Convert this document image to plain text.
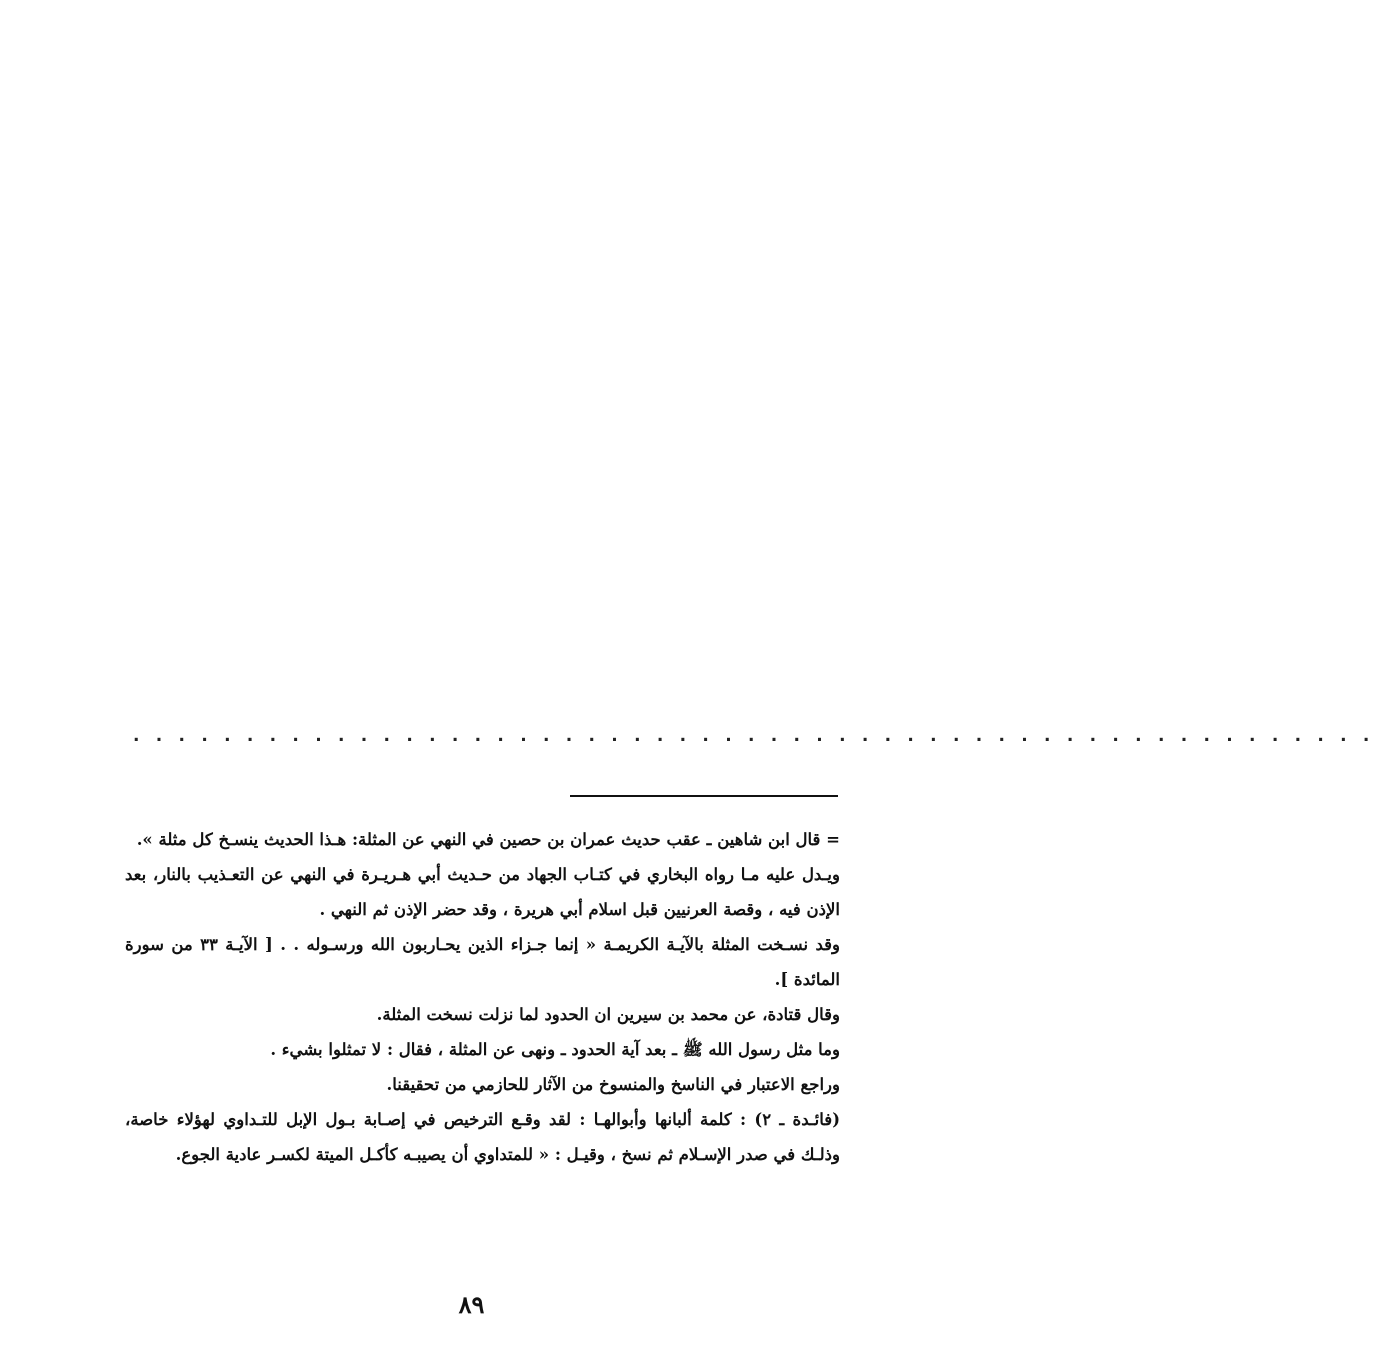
. . . . . . . . . . . . . . . . . . . . . . . . . . . . . . . . . . . . . . . . . . . . . . . . . . . . . . .

= قال ابن شاهين ـ عقب حديث عمران بن حصين في النهي عن المثلة: هـذا الحديث ينسـخ كل مثلة ».

ويـدل عليه مـا رواه البخاري في كتـاب الجهاد من حـديث أبي هـريـرة في النهي عن التعـذيب بالنار، بعد الإذن فيه ، وقصة العرنيين قبل اسلام أبي هريرة ، وقد حضر الإذن ثم النهي .

وقد نسـخت المثلة بالآيـة الكريمـة « إنما جـزاء الذين يحـاربون الله ورسـوله . . [ الآيـة ٣٣ من سورة المائدة ].

وقال قتادة، عن محمد بن سيرين ان الحدود لما نزلت نسخت المثلة.

وما مثل رسول الله ﷺ ـ بعد آية الحدود ـ ونهى عن المثلة ، فقال : لا تمثلوا بشيء .

وراجع الاعتبار في الناسخ والمنسوخ من الآثار للحازمي من تحقيقنا.

(فائـدة ـ ٢) : كلمة ألبانها وأبوالهـا : لقد وقـع الترخيص في إصـابة بـول الإبل للتـداوي لهؤلاء خاصة، وذلـك في صدر الإسـلام ثم نسخ ، وقيـل : « للمتداوي أن يصيبـه كأكـل الميتة لكسـر عادية الجوع.

٨٩
